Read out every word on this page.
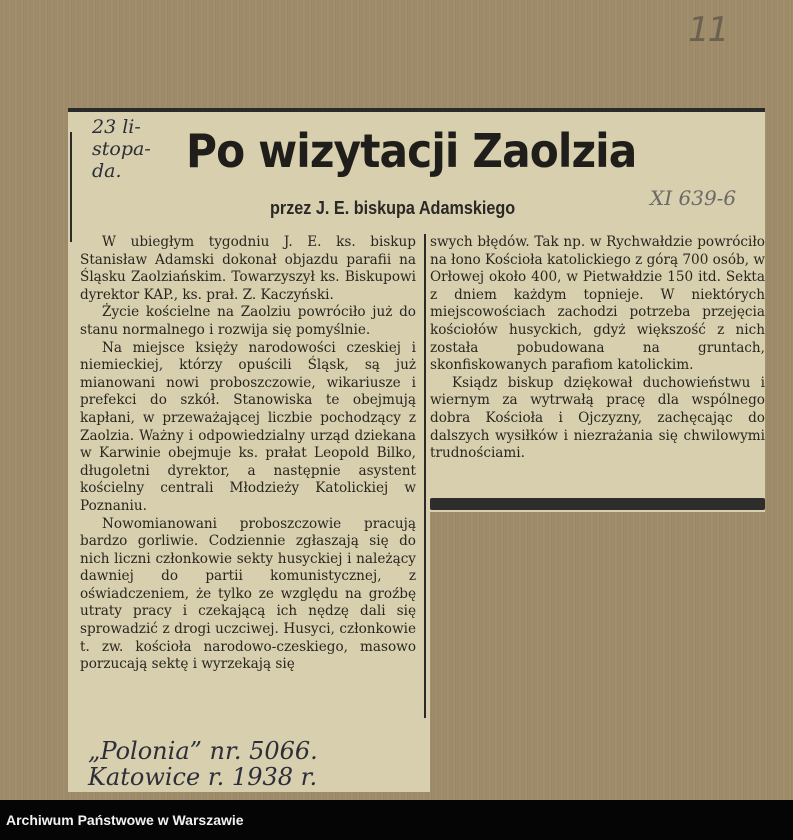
11
23 li-
stopa-
da.	Po wizytacji Zaolzia
przez J. E. biskupa Adamskiego	XI 639-6

W ubiegłym tygodniu J. E. ks. biskup Stanisław Adamski dokonał objazdu parafii na Śląsku Zaolziańskim. Towarzyszył ks. Biskupowi dyrektor KAP., ks. prał. Z. Kaczyński.

Życie kościelne na Zaolziu powróciło już do stanu normalnego i rozwija się pomyślnie.

Na miejsce księży narodowości czeskiej i niemieckiej, którzy opuścili Śląsk, są już mianowani nowi proboszczowie, wikariusze i prefekci do szkół. Stanowiska te obejmują kapłani, w przeważającej liczbie pochodzący z Zaolzia. Ważny i odpowiedzialny urząd dziekana w Karwinie obejmuje ks. prałat Leopold Bilko, długoletni dyrektor, a następnie asystent kościelny centrali Młodzieży Katolickiej w Poznaniu.

Nowomianowani proboszczowie pracują bardzo gorliwie. Codziennie zgłaszają się do nich liczni członkowie sekty husyckiej i należący dawniej do partii komunistycznej, z oświadczeniem, że tylko ze względu na groźbę utraty pracy i czekającą ich nędzę dali się sprowadzić z drogi uczciwej. Husyci, członkowie t. zw. kościoła narodowo-czeskiego, masowo porzucają sektę i wyrzekają się

swych błędów. Tak np. w Rychwałdzie powróciło na łono Kościoła katolickiego z górą 700 osób, w Orłowej około 400, w Pietwałdzie 150 itd. Sekta z dniem każdym topnieje. W niektórych miejscowościach zachodzi potrzeba przejęcia kościołów husyckich, gdyż większość z nich została pobudowana na gruntach, skonfiskowanych parafiom katolickim.

Ksiądz biskup dziękował duchowieństwu i wiernym za wytrwałą pracę dla wspólnego dobra Kościoła i Ojczyzny, zachęcając do dalszych wysiłków i niezrażania się chwilowymi trudnościami.

„Polonia” nr. 5066.
Katowice r. 1938 r.
Archiwum Państwowe w Warszawie
